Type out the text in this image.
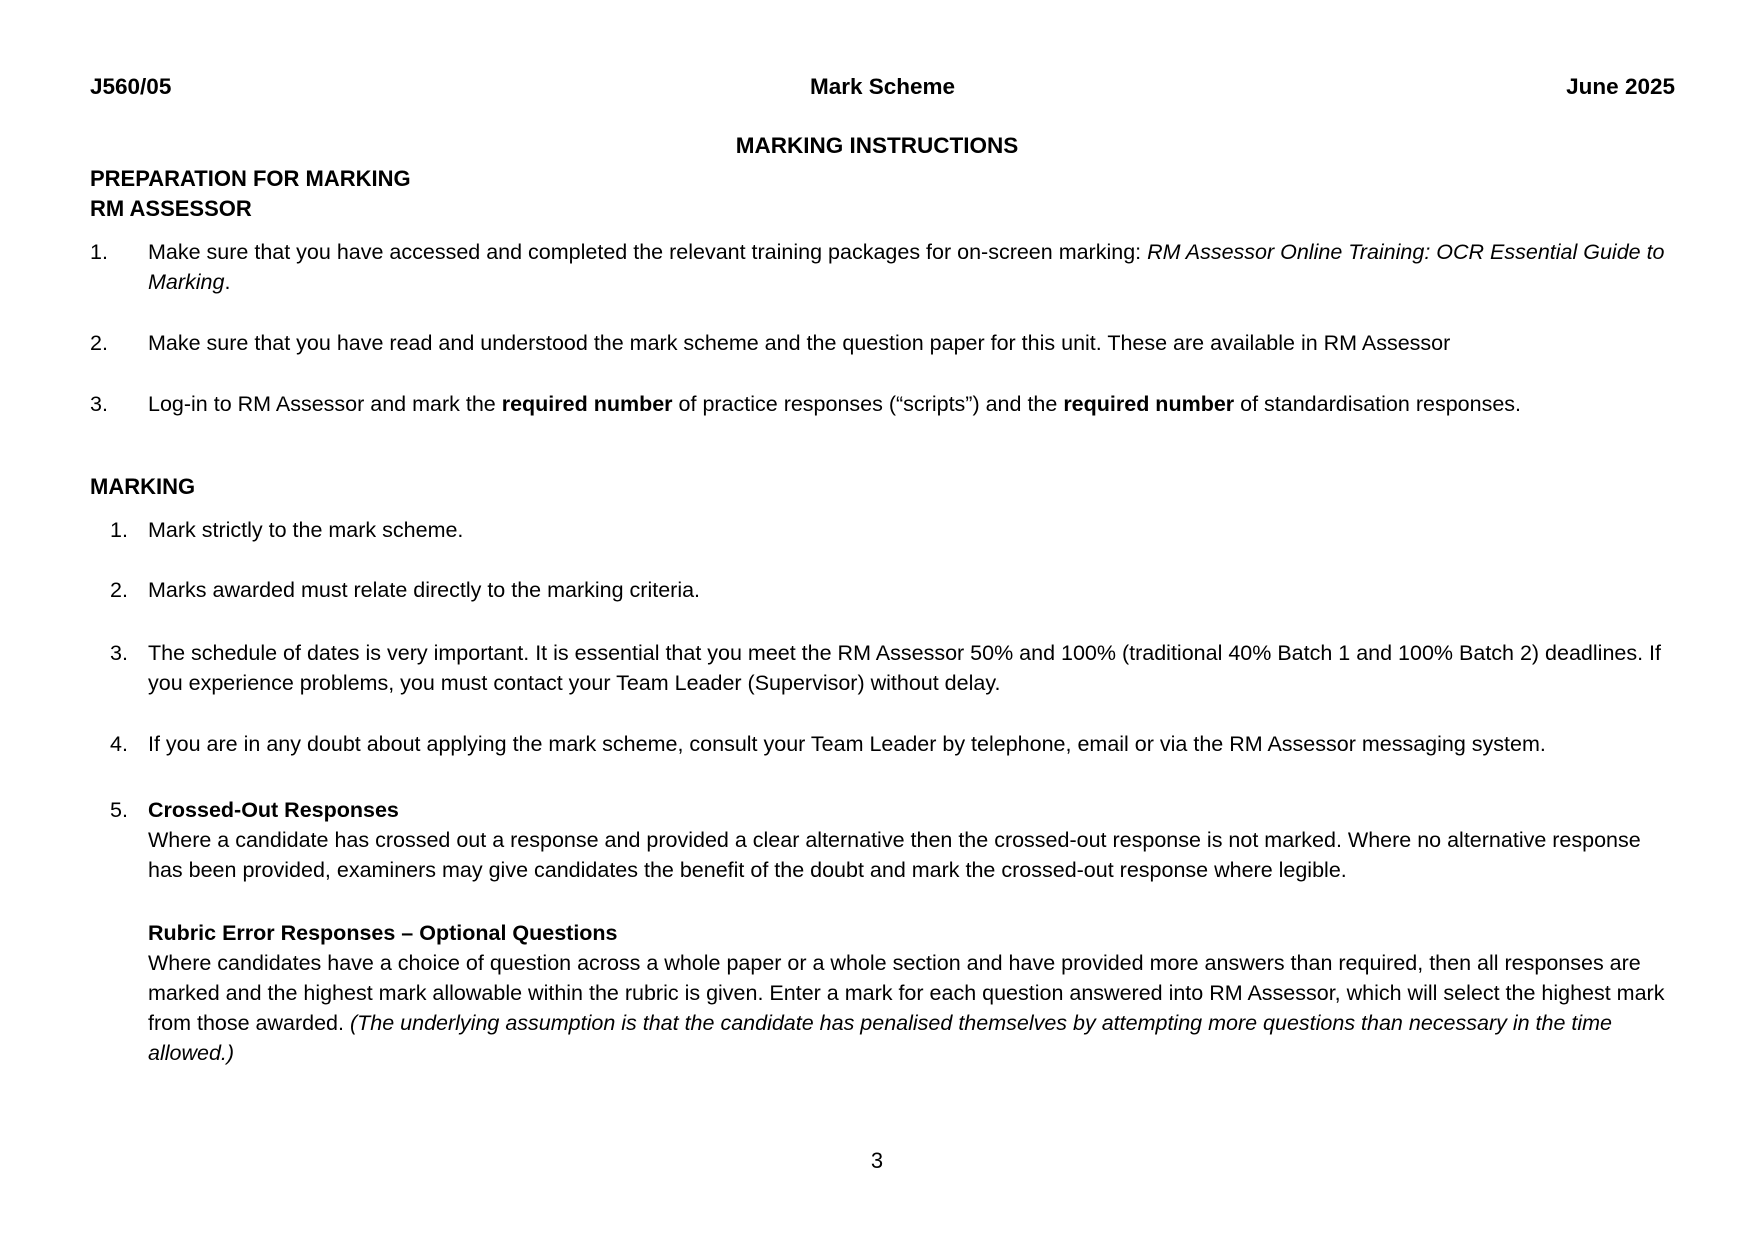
J560/05	Mark Scheme	June 2025
MARKING INSTRUCTIONS
PREPARATION FOR MARKING
RM ASSESSOR
1. Make sure that you have accessed and completed the relevant training packages for on-screen marking: RM Assessor Online Training: OCR Essential Guide to Marking.
2. Make sure that you have read and understood the mark scheme and the question paper for this unit. These are available in RM Assessor
3. Log-in to RM Assessor and mark the required number of practice responses (“scripts”) and the required number of standardisation responses.
MARKING
1. Mark strictly to the mark scheme.
2. Marks awarded must relate directly to the marking criteria.
3. The schedule of dates is very important. It is essential that you meet the RM Assessor 50% and 100% (traditional 40% Batch 1 and 100% Batch 2) deadlines. If you experience problems, you must contact your Team Leader (Supervisor) without delay.
4. If you are in any doubt about applying the mark scheme, consult your Team Leader by telephone, email or via the RM Assessor messaging system.
5. Crossed-Out Responses
Where a candidate has crossed out a response and provided a clear alternative then the crossed-out response is not marked. Where no alternative response has been provided, examiners may give candidates the benefit of the doubt and mark the crossed-out response where legible.
Rubric Error Responses – Optional Questions
Where candidates have a choice of question across a whole paper or a whole section and have provided more answers than required, then all responses are marked and the highest mark allowable within the rubric is given. Enter a mark for each question answered into RM Assessor, which will select the highest mark from those awarded. (The underlying assumption is that the candidate has penalised themselves by attempting more questions than necessary in the time allowed.)
3
